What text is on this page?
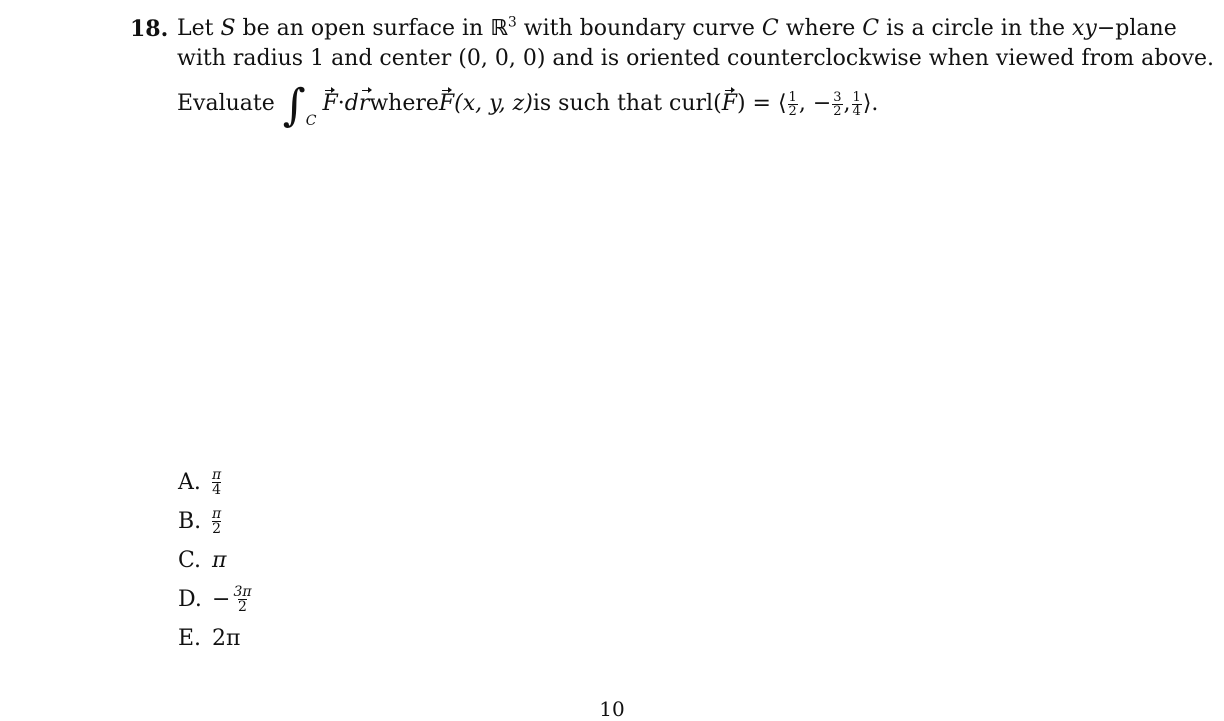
18. Let S be an open surface in ℝ$^3$ with boundary curve C where C is a circle in the xy−plane
with radius 1 and center (0, 0, 0) and is oriented counterclockwise when viewed from above.
Evaluate ∫ C
F · d r where F (x, y, z) is such that curl( F ) = ⟨ $\frac{1}{2}$ , − $\frac{3}{2}$ , $\frac{1}{4}$ ⟩.
A. π
4
B. π
2
C. π
D. − $\frac{3\pi}{2}$
E. 2π
10
